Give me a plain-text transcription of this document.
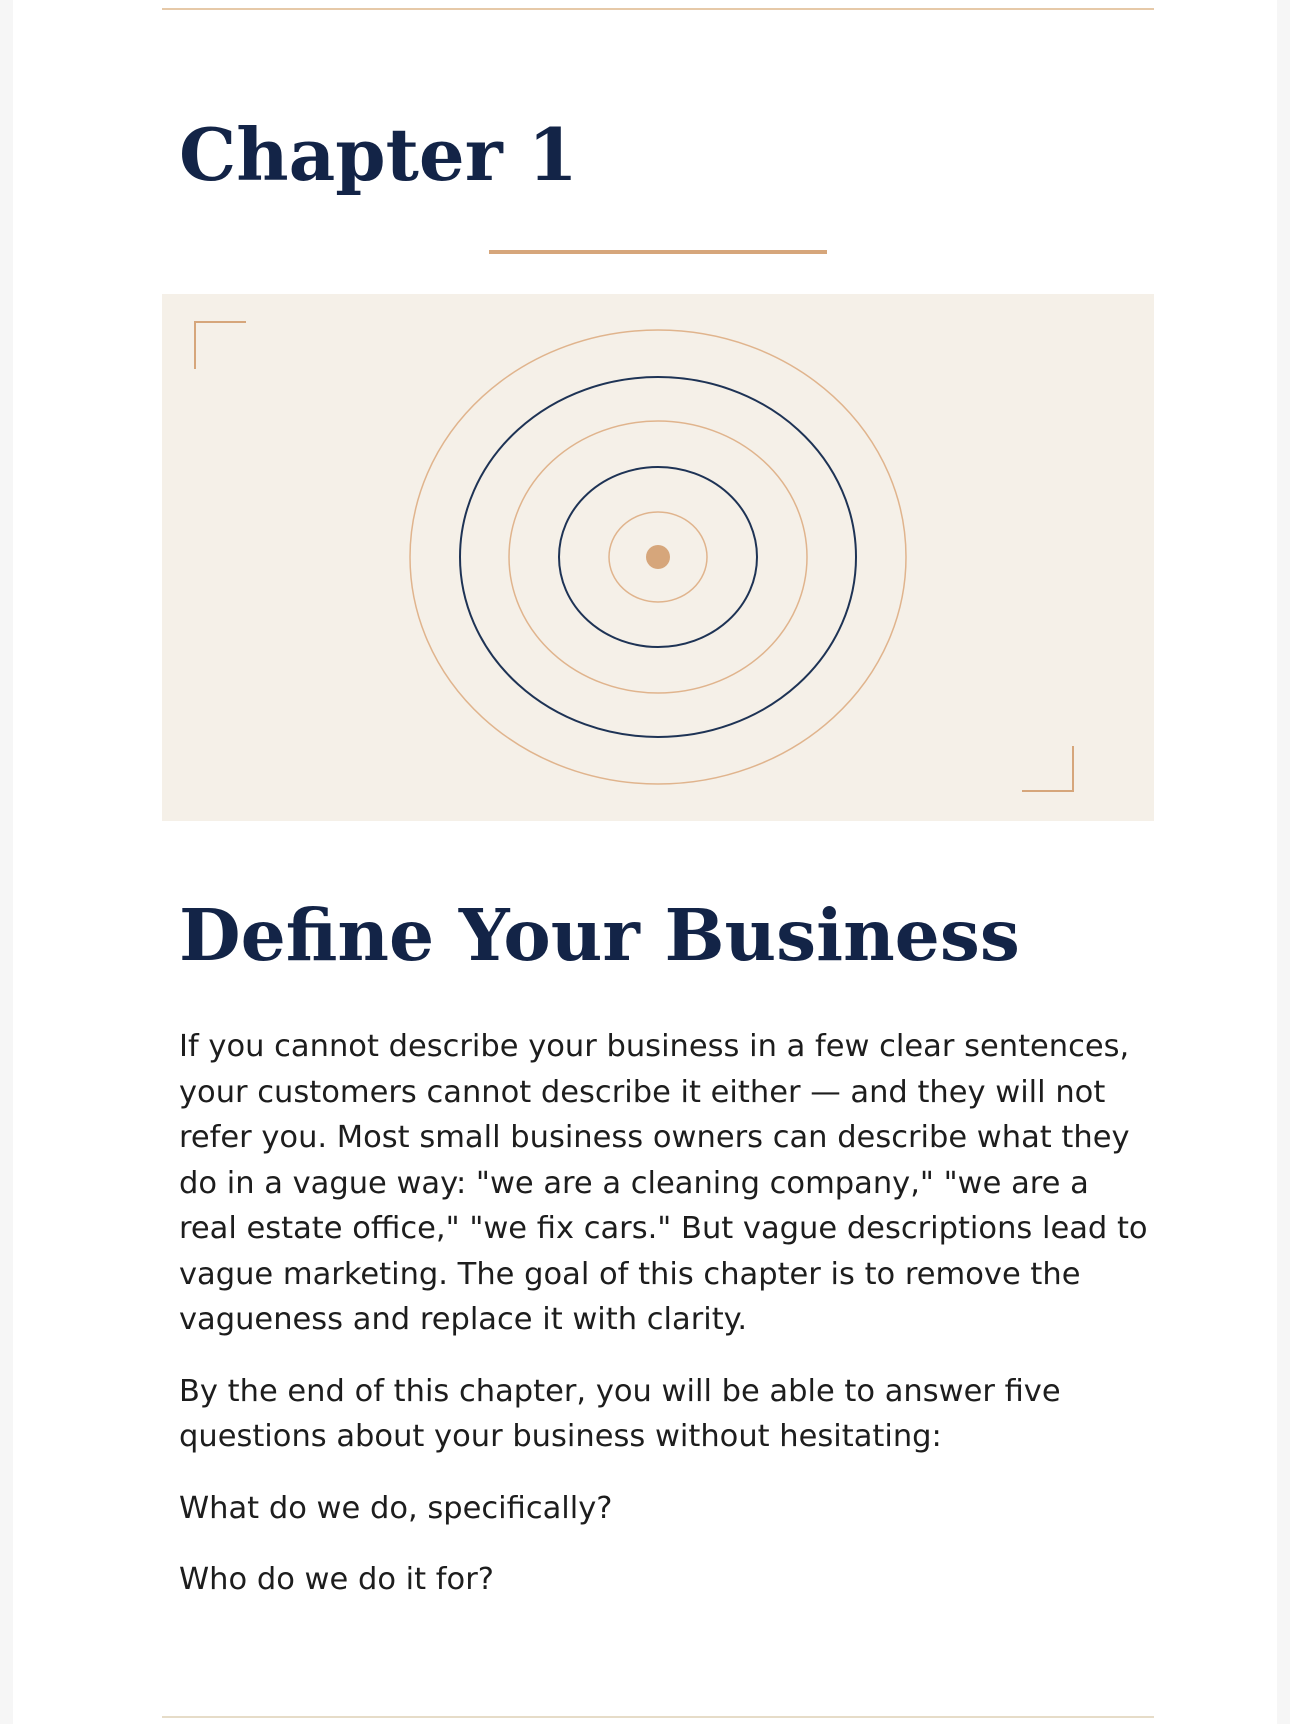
Chapter 1
Define Your Business

If you cannot describe your business in a few clear sentences, your customers cannot describe it either — and they will not refer you. Most small business owners can describe what they do in a vague way: "we are a cleaning company," "we are a real estate office," "we fix cars." But vague descriptions lead to vague marketing. The goal of this chapter is to remove the vagueness and replace it with clarity.

By the end of this chapter, you will be able to answer five questions about your business without hesitating:

What do we do, specifically?

Who do we do it for?
